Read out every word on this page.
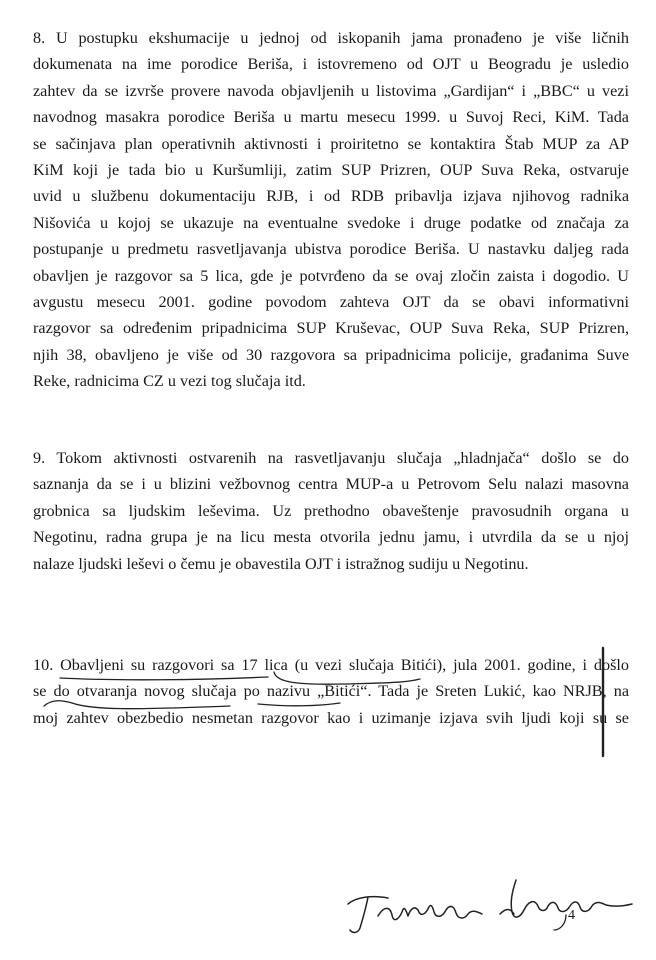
8. U postupku ekshumacije u jednoj od iskopanih jama pronađeno je više ličnih
dokumenata na ime porodice Beriša, i istovremeno od OJT u Beogradu je usledio
zahtev da se izvrše provere navoda objavljenih u listovima „Gardijan“ i „BBC“ u vezi
navodnog masakra porodice Beriša u martu mesecu 1999. u Suvoj Reci, KiM. Tada
se sačinjava plan operativnih aktivnosti i proiritetno se kontaktira Štab MUP za AP
KiM koji je tada bio u Kuršumliji, zatim SUP Prizren, OUP Suva Reka, ostvaruje
uvid u službenu dokumentaciju RJB, i od RDB pribavlja izjava njihovog radnika
Nišovića u kojoj se ukazuje na eventualne svedoke i druge podatke od značaja za
postupanje u predmetu rasvetljavanja ubistva porodice Beriša. U nastavku daljeg rada
obavljen je razgovor sa 5 lica, gde je potvrđeno da se ovaj zločin zaista i dogodio. U
avgustu mesecu 2001. godine povodom zahteva OJT da se obavi informativni
razgovor sa određenim pripadnicima SUP Kruševac, OUP Suva Reka, SUP Prizren,
njih 38, obavljeno je više od 30 razgovora sa pripadnicima policije, građanima Suve
Reke, radnicima CZ u vezi tog slučaja itd.
9. Tokom aktivnosti ostvarenih na rasvetljavanju slučaja „hladnjača“ došlo se do
saznanja da se i u blizini vežbovnog centra MUP-a u Petrovom Selu nalazi masovna
grobnica sa ljudskim leševima. Uz prethodno obaveštenje pravosudnih organa u
Negotinu, radna grupa je na licu mesta otvorila jednu jamu, i utvrdila da se u njoj
nalaze ljudski leševi o čemu je obavestila OJT i istražnog sudiju u Negotinu.
10. Obavljeni su razgovori sa 17 lica (u vezi slučaja Bitići), jula 2001. godine, i došlo
se do otvaranja novog slučaja po nazivu „Bitići“. Tada je Sreten Lukić, kao NRJB, na
moj zahtev obezbedio nesmetan razgovor kao i uzimanje izjava svih ljudi koji su se
4
